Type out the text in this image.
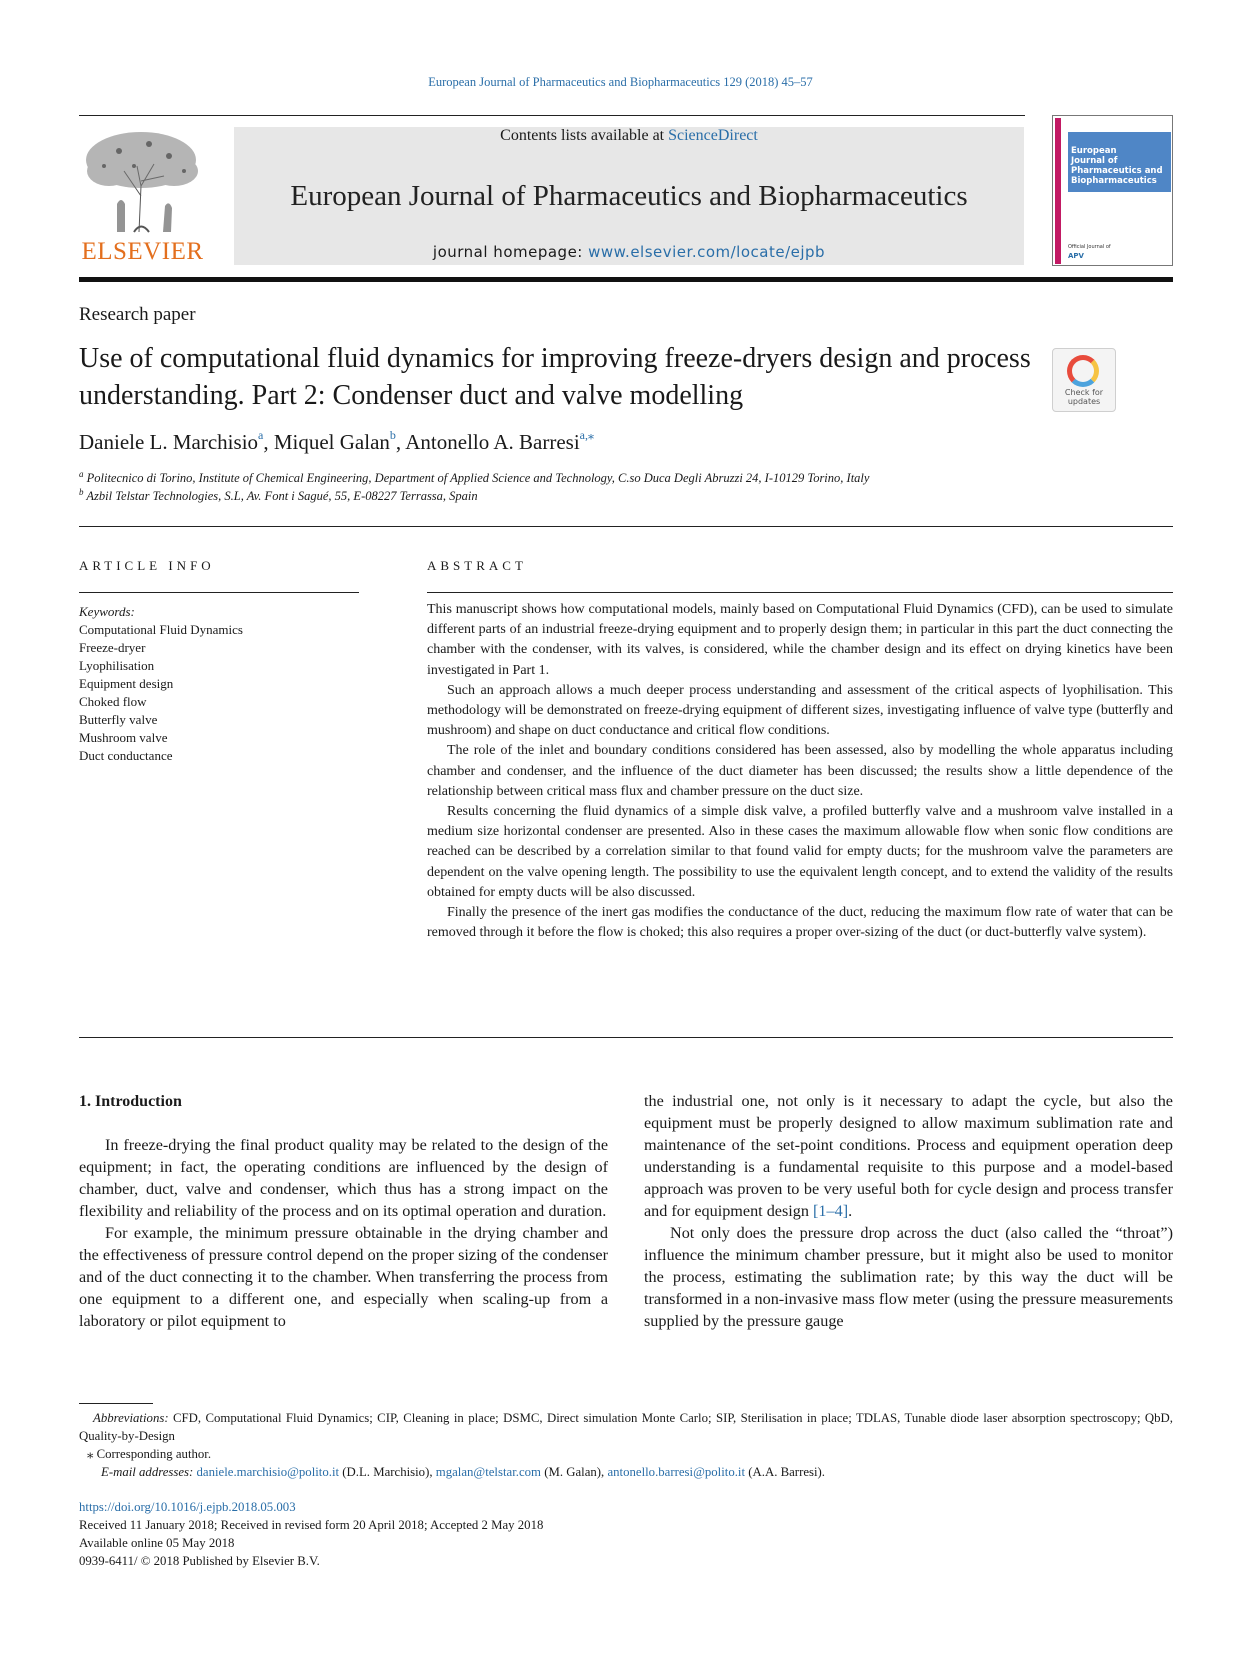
European Journal of Pharmaceutics and Biopharmaceutics 129 (2018) 45–57
ELSEVIER
Contents lists available at ScienceDirect
European Journal of Pharmaceutics and Biopharmaceutics
journal homepage: www.elsevier.com/locate/ejpb
European
Journal of
Pharmaceutics and
Biopharmaceutics
Official Journal of
APV
Research paper
Use of computational fluid dynamics for improving freeze-dryers design and process understanding. Part 2: Condenser duct and valve modelling	Check for
updates
Daniele L. Marchisio$^a$, Miquel Galan$^b$, Antonello A. Barresi$^{a,⁎}$
$^a$ Politecnico di Torino, Institute of Chemical Engineering, Department of Applied Science and Technology, C.so Duca Degli Abruzzi 24, I-10129 Torino, Italy
$^b$ Azbil Telstar Technologies, S.L, Av. Font i Sagué, 55, E-08227 Terrassa, Spain
ARTICLE INFO	ABSTRACT
Keywords:
Computational Fluid Dynamics
Freeze-dryer
Lyophilisation
Equipment design
Choked flow
Butterfly valve
Mushroom valve
Duct conductance

This manuscript shows how computational models, mainly based on Computational Fluid Dynamics (CFD), can be used to simulate different parts of an industrial freeze-drying equipment and to properly design them; in particular in this part the duct connecting the chamber with the condenser, with its valves, is considered, while the chamber design and its effect on drying kinetics have been investigated in Part 1.

Such an approach allows a much deeper process understanding and assessment of the critical aspects of lyophilisation. This methodology will be demonstrated on freeze-drying equipment of different sizes, investigating influence of valve type (butterfly and mushroom) and shape on duct conductance and critical flow conditions.

The role of the inlet and boundary conditions considered has been assessed, also by modelling the whole apparatus including chamber and condenser, and the influence of the duct diameter has been discussed; the results show a little dependence of the relationship between critical mass flux and chamber pressure on the duct size.

Results concerning the fluid dynamics of a simple disk valve, a profiled butterfly valve and a mushroom valve installed in a medium size horizontal condenser are presented. Also in these cases the maximum allowable flow when sonic flow conditions are reached can be described by a correlation similar to that found valid for empty ducts; for the mushroom valve the parameters are dependent on the valve opening length. The possibility to use the equivalent length concept, and to extend the validity of the results obtained for empty ducts will be also discussed.

Finally the presence of the inert gas modifies the conductance of the duct, reducing the maximum flow rate of water that can be removed through it before the flow is choked; this also requires a proper over-sizing of the duct (or duct-butterfly valve system).

1. Introduction

In freeze-drying the final product quality may be related to the design of the equipment; in fact, the operating conditions are influenced by the design of chamber, duct, valve and condenser, which thus has a strong impact on the flexibility and reliability of the process and on its optimal operation and duration.

For example, the minimum pressure obtainable in the drying chamber and the effectiveness of pressure control depend on the proper sizing of the condenser and of the duct connecting it to the chamber. When transferring the process from one equipment to a different one, and especially when scaling-up from a laboratory or pilot equipment to

the industrial one, not only is it necessary to adapt the cycle, but also the equipment must be properly designed to allow maximum sublimation rate and maintenance of the set-point conditions. Process and equipment operation deep understanding is a fundamental requisite to this purpose and a model-based approach was proven to be very useful both for cycle design and process transfer and for equipment design [1–4].

Not only does the pressure drop across the duct (also called the “throat”) influence the minimum chamber pressure, but it might also be used to monitor the process, estimating the sublimation rate; by this way the duct will be transformed in a non-invasive mass flow meter (using the pressure measurements supplied by the pressure gauge

Abbreviations: CFD, Computational Fluid Dynamics; CIP, Cleaning in place; DSMC, Direct simulation Monte Carlo; SIP, Sterilisation in place; TDLAS, Tunable diode laser absorption spectroscopy; QbD, Quality-by-Design

⁎ Corresponding author.

E-mail addresses: daniele.marchisio@polito.it (D.L. Marchisio), mgalan@telstar.com (M. Galan), antonello.barresi@polito.it (A.A. Barresi).

https://doi.org/10.1016/j.ejpb.2018.05.003
Received 11 January 2018; Received in revised form 20 April 2018; Accepted 2 May 2018
Available online 05 May 2018
0939-6411/ © 2018 Published by Elsevier B.V.
